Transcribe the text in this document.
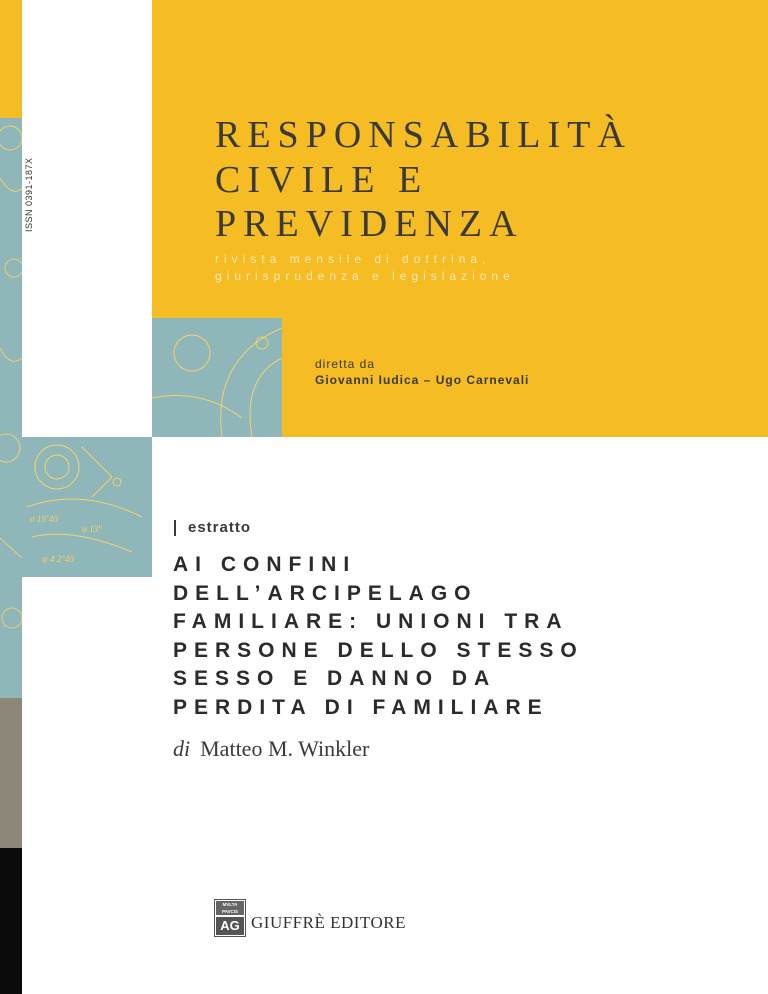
ISSN 0391-187X
σ 19˚40
φ 13°
ψ 4 2°40
RESPONSABILITÀ
CIVILE E
PREVIDENZA
rivista mensile di dottrina,
giurisprudenza e legislazione
diretta da
Giovanni Iudica – Ugo Carnevali
estratto
AI CONFINI
DELL’ARCIPELAGO
FAMILIARE: UNIONI TRA
PERSONE DELLO STESSO
SESSO E DANNO DA
PERDITA DI FAMILIARE
di Matteo M. Winkler
MVLTA PAVCIS
AG GIUFFRÈ EDITORE
